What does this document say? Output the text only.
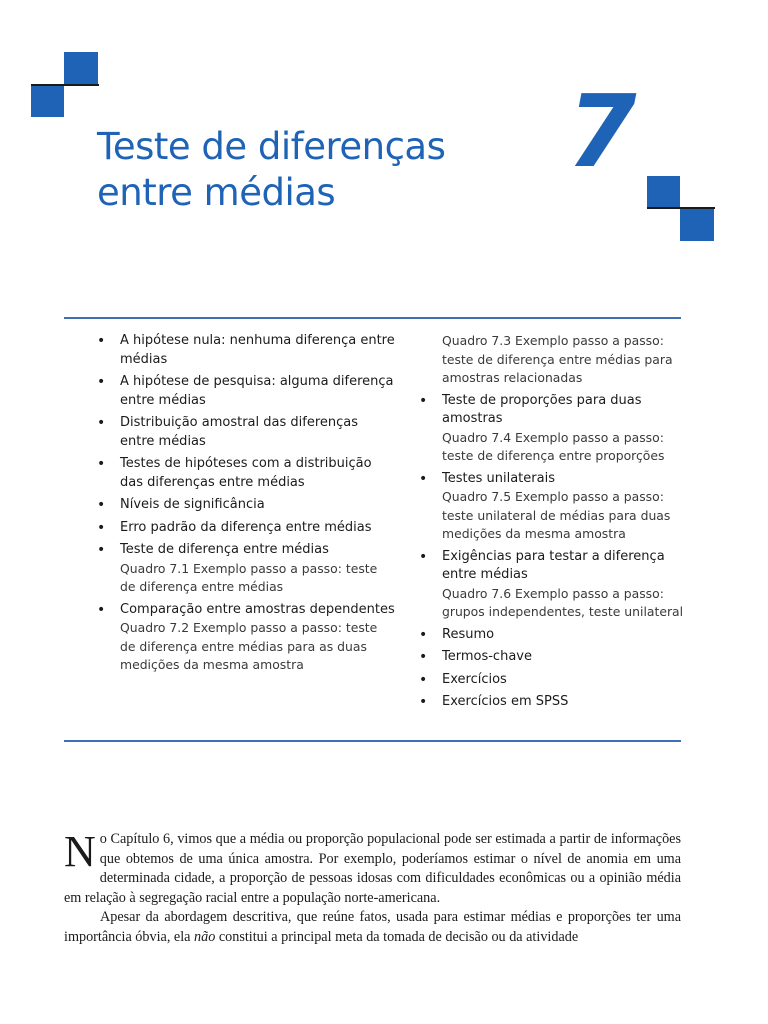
Teste de diferenças
entre médias
7
• A hipótese nula: nenhuma diferença entre médias
• A hipótese de pesquisa: alguma diferença entre médias
• Distribuição amostral das diferenças entre médias
• Testes de hipóteses com a distribuição das diferenças entre médias
• Níveis de significância
• Erro padrão da diferença entre médias
• Teste de diferença entre médias
Quadro 7.1 Exemplo passo a passo: teste de diferença entre médias
• Comparação entre amostras dependentes
Quadro 7.2 Exemplo passo a passo: teste de diferença entre médias para as duas medições da mesma amostra
Quadro 7.3 Exemplo passo a passo: teste de diferença entre médias para amostras relacionadas
• Teste de proporções para duas amostras
Quadro 7.4 Exemplo passo a passo: teste de diferença entre proporções
• Testes unilaterais
Quadro 7.5 Exemplo passo a passo: teste unilateral de médias para duas medições da mesma amostra
• Exigências para testar a diferença entre médias
Quadro 7.6 Exemplo passo a passo: grupos independentes, teste unilateral
• Resumo
• Termos-chave
• Exercícios
• Exercícios em SPSS

No Capítulo 6, vimos que a média ou proporção populacional pode ser estimada a partir de informações que obtemos de uma única amostra. Por exemplo, poderíamos estimar o nível de anomia em uma determinada cidade, a proporção de pessoas idosas com dificuldades econômicas ou a opinião média em relação à segregação racial entre a população norte-americana.

Apesar da abordagem descritiva, que reúne fatos, usada para estimar médias e proporções ter uma importância óbvia, ela não constitui a principal meta da tomada de decisão ou da atividade
